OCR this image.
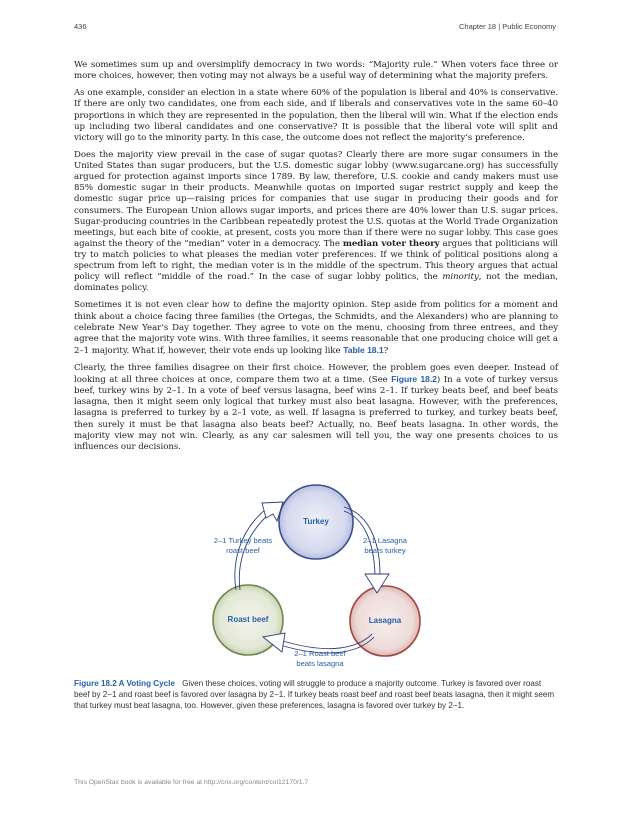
436	Chapter 18 | Public Economy

We sometimes sum up and oversimplify democracy in two words: “Majority rule.” When voters face three or more choices, however, then voting may not always be a useful way of determining what the majority prefers.

As one example, consider an election in a state where 60% of the population is liberal and 40% is conservative. If there are only two candidates, one from each side, and if liberals and conservatives vote in the same 60–40 proportions in which they are represented in the population, then the liberal will win. What if the election ends up including two liberal candidates and one conservative? It is possible that the liberal vote will split and victory will go to the minority party. In this case, the outcome does not reflect the majority’s preference.

Does the majority view prevail in the case of sugar quotas? Clearly there are more sugar consumers in the United States than sugar producers, but the U.S. domestic sugar lobby (www.sugarcane.org) has successfully argued for protection against imports since 1789. By law, therefore, U.S. cookie and candy makers must use 85% domestic sugar in their products. Meanwhile quotas on imported sugar restrict supply and keep the domestic sugar price up—raising prices for companies that use sugar in producing their goods and for consumers. The European Union allows sugar imports, and prices there are 40% lower than U.S. sugar prices. Sugar-producing countries in the Caribbean repeatedly protest the U.S. quotas at the World Trade Organization meetings, but each bite of cookie, at present, costs you more than if there were no sugar lobby. This case goes against the theory of the “median” voter in a democracy. The median voter theory argues that politicians will try to match policies to what pleases the median voter preferences. If we think of political positions along a spectrum from left to right, the median voter is in the middle of the spectrum. This theory argues that actual policy will reflect “middle of the road.” In the case of sugar lobby politics, the minority, not the median, dominates policy.

Sometimes it is not even clear how to define the majority opinion. Step aside from politics for a moment and think about a choice facing three families (the Ortegas, the Schmidts, and the Alexanders) who are planning to celebrate New Year’s Day together. They agree to vote on the menu, choosing from three entrees, and they agree that the majority vote wins. With three families, it seems reasonable that one producing choice will get a 2–1 majority. What if, however, their vote ends up looking like Table 18.1?

Clearly, the three families disagree on their first choice. However, the problem goes even deeper. Instead of looking at all three choices at once, compare them two at a time. (See Figure 18.2) In a vote of turkey versus beef, turkey wins by 2–1. In a vote of beef versus lasagna, beef wins 2–1. If turkey beats beef, and beef beats lasagna, then it might seem only logical that turkey must also beat lasagna. However, with the preferences, lasagna is preferred to turkey by a 2–1 vote, as well. If lasagna is preferred to turkey, and turkey beats beef, then surely it must be that lasagna also beats beef? Actually, no. Beef beats lasagna. In other words, the majority view may not win. Clearly, as any car salesmen will tell you, the way one presents choices to us influences our decisions.

Turkey
Roast beef	Lasagna
2–1 Turkey beats
roast beef
2–1 Lasagna
beats turkey
2–1 Roast beef
beats lasagna
Figure 18.2 A Voting Cycle Given these choices, voting will struggle to produce a majority outcome. Turkey is favored over roast beef by 2−1 and roast beef is favored over lasagna by 2−1. If turkey beats roast beef and roast beef beats lasagna, then it might seem that turkey must beat lasagna, too. However, given these preferences, lasagna is favored over turkey by 2−1.
This OpenStax book is available for free at http://cnx.org/content/col12170/1.7
